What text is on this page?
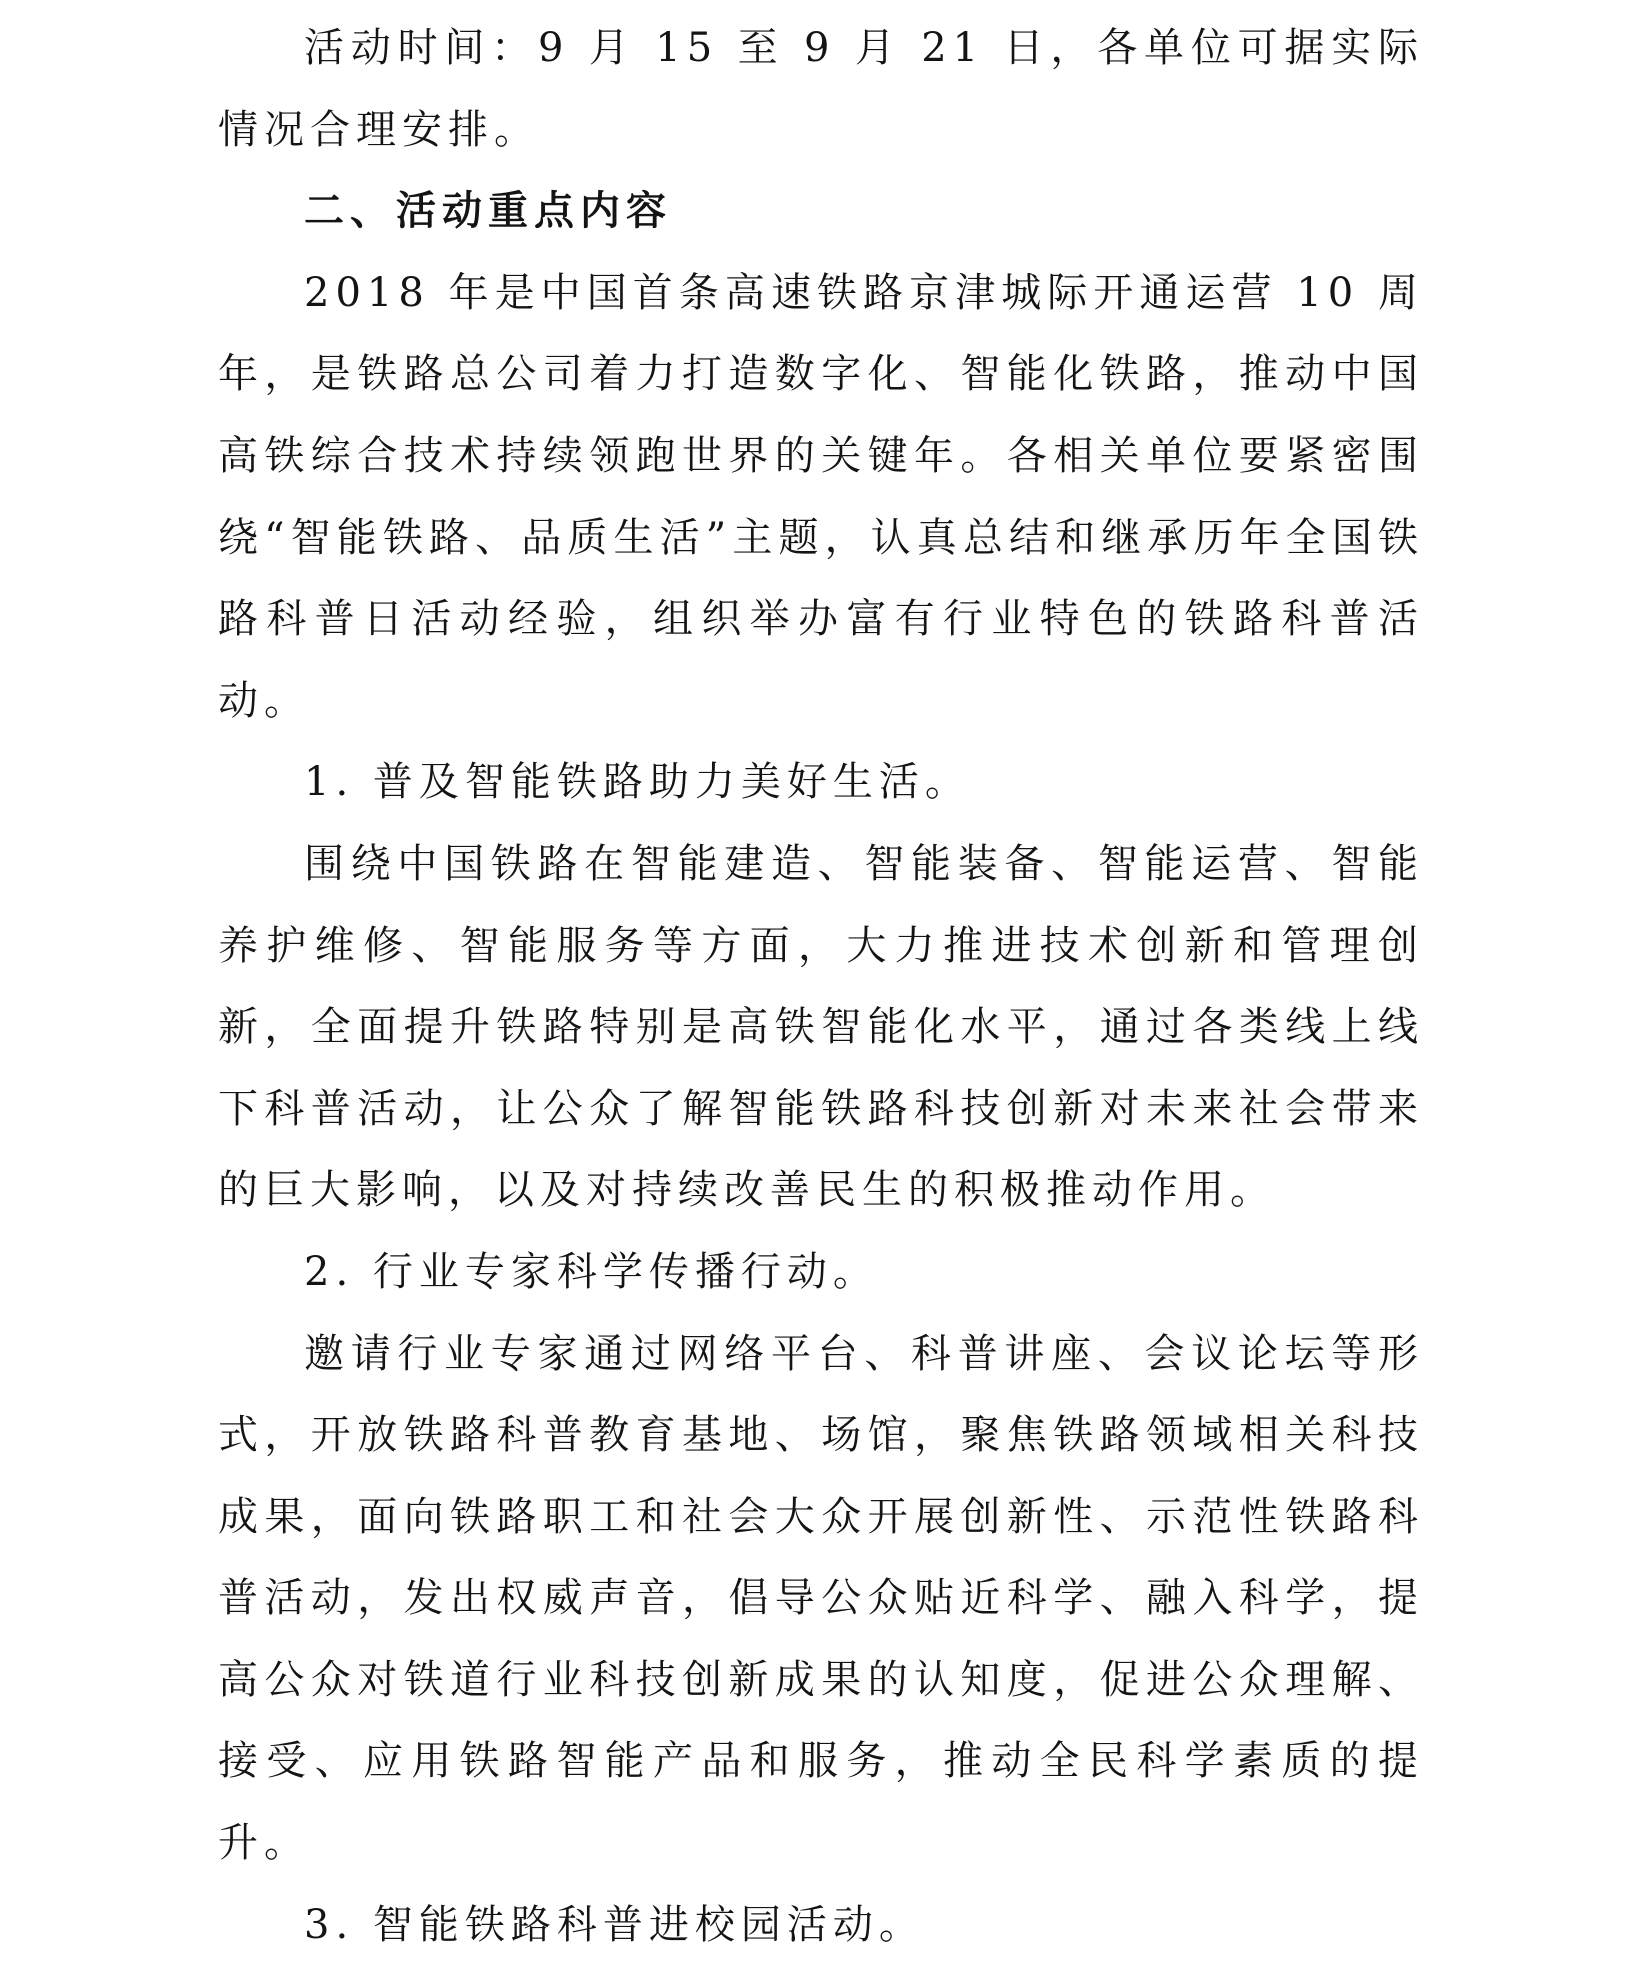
活动时间：9 月 15 至 9 月 21 日，各单位可据实际情况合理安排。

二、活动重点内容

2018 年是中国首条高速铁路京津城际开通运营 10 周年，是铁路总公司着力打造数字化、智能化铁路，推动中国高铁综合技术持续领跑世界的关键年。各相关单位要紧密围绕“智能铁路、品质生活”主题，认真总结和继承历年全国铁路科普日活动经验，组织举办富有行业特色的铁路科普活动。

1. 普及智能铁路助力美好生活。

围绕中国铁路在智能建造、智能装备、智能运营、智能养护维修、智能服务等方面，大力推进技术创新和管理创新，全面提升铁路特别是高铁智能化水平，通过各类线上线下科普活动，让公众了解智能铁路科技创新对未来社会带来的巨大影响，以及对持续改善民生的积极推动作用。

2. 行业专家科学传播行动。

邀请行业专家通过网络平台、科普讲座、会议论坛等形式，开放铁路科普教育基地、场馆，聚焦铁路领域相关科技成果，面向铁路职工和社会大众开展创新性、示范性铁路科普活动，发出权威声音，倡导公众贴近科学、融入科学，提高公众对铁道行业科技创新成果的认知度，促进公众理解、接受、应用铁路智能产品和服务，推动全民科学素质的提升。

3. 智能铁路科普进校园活动。
